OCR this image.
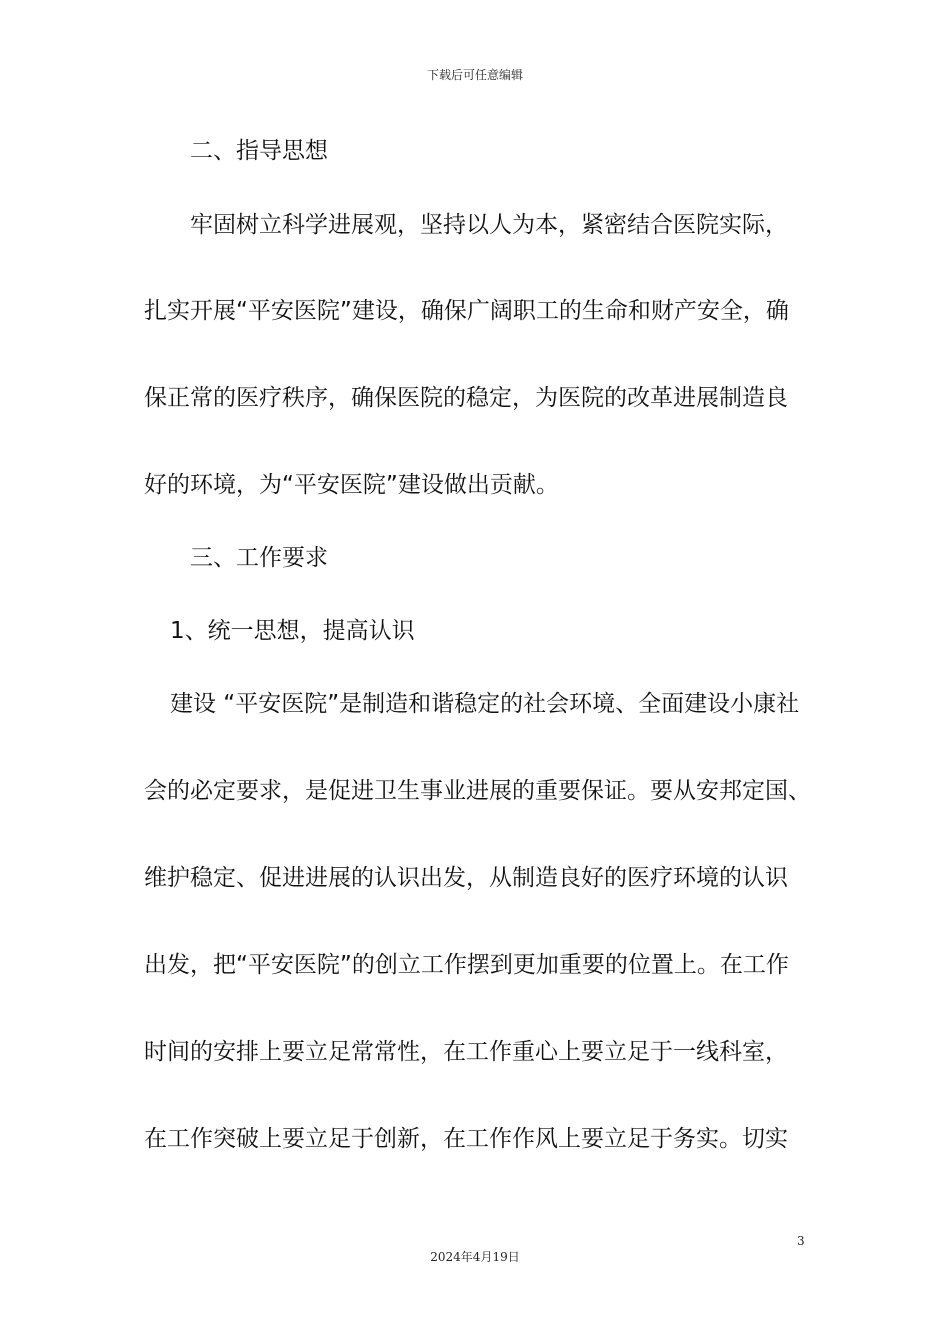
下载后可任意编辑
二、指导思想
牢固树立科学进展观，坚持以人为本，紧密结合医院实际，
扎实开展“平安医院”建设，确保广阔职工的生命和财产安全，确
保正常的医疗秩序，确保医院的稳定，为医院的改革进展制造良
好的环境，为“平安医院”建设做出贡献。
三、工作要求
1、统一思想，提高认识
建设 “平安医院”是制造和谐稳定的社会环境、全面建设小康社
会的必定要求，是促进卫生事业进展的重要保证。要从安邦定国、
维护稳定、促进进展的认识出发，从制造良好的医疗环境的认识
出发，把“平安医院”的创立工作摆到更加重要的位置上。在工作
时间的安排上要立足常常性，在工作重心上要立足于一线科室，
在工作突破上要立足于创新，在工作作风上要立足于务实。切实
3
2024年4月19日
